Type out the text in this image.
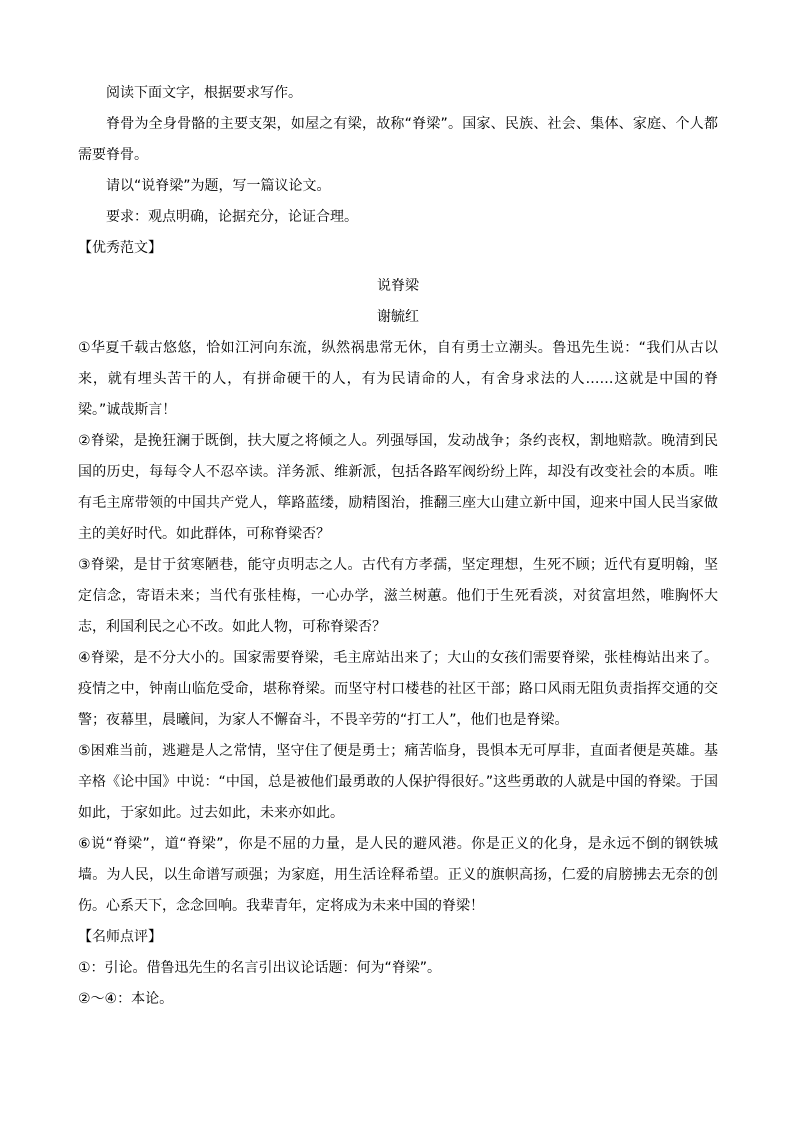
阅读下面文字，根据要求写作。

脊骨为全身骨骼的主要支架，如屋之有梁，故称“脊梁”。国家、民族、社会、集体、家庭、个人都需要脊骨。

请以“说脊梁”为题，写一篇议论文。

要求：观点明确，论据充分，论证合理。

【优秀范文】

说脊梁

谢毓红

①华夏千载古悠悠，恰如江河向东流，纵然祸患常无休，自有勇士立潮头。鲁迅先生说：“我们从古以来，就有埋头苦干的人，有拼命硬干的人，有为民请命的人，有舍身求法的人……这就是中国的脊梁。”诚哉斯言！

②脊梁，是挽狂澜于既倒，扶大厦之将倾之人。列强辱国，发动战争；条约丧权，割地赔款。晚清到民国的历史，每每令人不忍卒读。洋务派、维新派，包括各路军阀纷纷上阵，却没有改变社会的本质。唯有毛主席带领的中国共产党人，筚路蓝缕，励精图治，推翻三座大山建立新中国，迎来中国人民当家做主的美好时代。如此群体，可称脊梁否？

③脊梁，是甘于贫寒陋巷，能守贞明志之人。古代有方孝孺，坚定理想，生死不顾；近代有夏明翰，坚定信念，寄语未来；当代有张桂梅，一心办学，滋兰树蕙。他们于生死看淡，对贫富坦然，唯胸怀大志，利国利民之心不改。如此人物，可称脊梁否？

④脊梁，是不分大小的。国家需要脊梁，毛主席站出来了；大山的女孩们需要脊梁，张桂梅站出来了。疫情之中，钟南山临危受命，堪称脊梁。而坚守村口楼巷的社区干部；路口风雨无阻负责指挥交通的交警；夜幕里，晨曦间，为家人不懈奋斗，不畏辛劳的“打工人”，他们也是脊梁。

⑤困难当前，逃避是人之常情，坚守住了便是勇士；痛苦临身，畏惧本无可厚非，直面者便是英雄。基辛格《论中国》中说：“中国，总是被他们最勇敢的人保护得很好。”这些勇敢的人就是中国的脊梁。于国如此，于家如此。过去如此，未来亦如此。

⑥说“脊梁”，道“脊梁”，你是不屈的力量，是人民的避风港。你是正义的化身，是永远不倒的钢铁城墙。为人民，以生命谱写顽强；为家庭，用生活诠释希望。正义的旗帜高扬，仁爱的肩膀拂去无奈的创伤。心系天下，念念回响。我辈青年，定将成为未来中国的脊梁！

【名师点评】

①：引论。借鲁迅先生的名言引出议论话题：何为“脊梁”。

②～④：本论。
